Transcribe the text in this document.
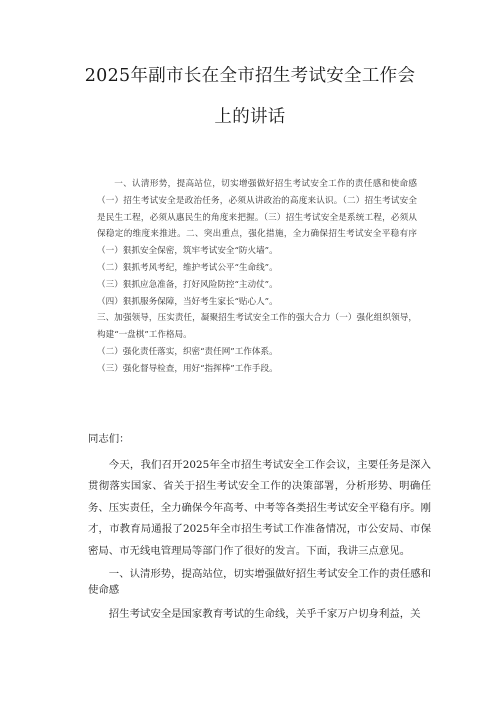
2025年副市长在全市招生考试安全工作会
上的讲话

一、认清形势，提高站位，切实增强做好招生考试安全工作的责任感和使命感（一）招生考试安全是政治任务，必须从讲政治的高度来认识。（二）招生考试安全是民生工程，必须从惠民生的角度来把握。（三）招生考试安全是系统工程，必须从保稳定的维度来推进。二、突出重点，强化措施，全力确保招生考试安全平稳有序（一）狠抓安全保密，筑牢考试安全“防火墙”。

（二）狠抓考风考纪，维护考试公平“生命线”。

（三）狠抓应急准备，打好风险防控“主动仗”。

（四）狠抓服务保障，当好考生家长“贴心人”。

三、加强领导，压实责任，凝聚招生考试安全工作的强大合力（一）强化组织领导，构建“一盘棋”工作格局。

（二）强化责任落实，织密“责任网”工作体系。

（三）强化督导检查，用好“指挥棒”工作手段。

同志们：

今天，我们召开2025年全市招生考试安全工作会议，主要任务是深入贯彻落实国家、省关于招生考试安全工作的决策部署，分析形势、明确任务、压实责任，全力确保今年高考、中考等各类招生考试安全平稳有序。刚才，市教育局通报了2025年全市招生考试工作准备情况，市公安局、市保密局、市无线电管理局等部门作了很好的发言。下面，我讲三点意见。

一、认清形势，提高站位，切实增强做好招生考试安全工作的责任感和使命感

招生考试安全是国家教育考试的生命线，关乎千家万户切身利益，关
